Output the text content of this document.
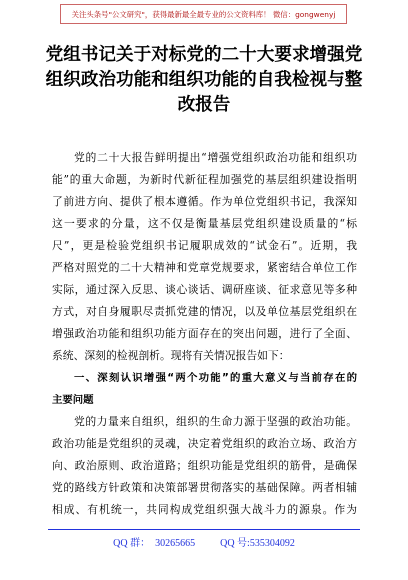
关注头条号"公文研究"，获得最新最全最专业的公文资料库！ 微信：gongwenyj
党组书记关于对标党的二十大要求增强党
组织政治功能和组织功能的自我检视与整
改报告
党的二十大报告鲜明提出“增强党组织政治功能和组织功
能”的重大命题，为新时代新征程加强党的基层组织建设指明
了前进方向、提供了根本遵循。作为单位党组织书记，我深知
这一要求的分量，这不仅是衡量基层党组织建设质量的“标
尺”，更是检验党组织书记履职成效的“试金石”。近期，我
严格对照党的二十大精神和党章党规要求，紧密结合单位工作
实际，通过深入反思、谈心谈话、调研座谈、征求意见等多种
方式，对自身履职尽责抓党建的情况，以及单位基层党组织在
增强政治功能和组织功能方面存在的突出问题，进行了全面、
系统、深刻的检视剖析。现将有关情况报告如下：
一、深刻认识增强“两个功能”的重大意义与当前存在的
主要问题
党的力量来自组织，组织的生命力源于坚强的政治功能。
政治功能是党组织的灵魂，决定着党组织的政治立场、政治方
向、政治原则、政治道路；组织功能是党组织的筋骨，是确保
党的路线方针政策和决策部署贯彻落实的基础保障。两者相辅
相成、有机统一，共同构成党组织强大战斗力的源泉。作为
QQ 群：  30265665          QQ 号:535304092
